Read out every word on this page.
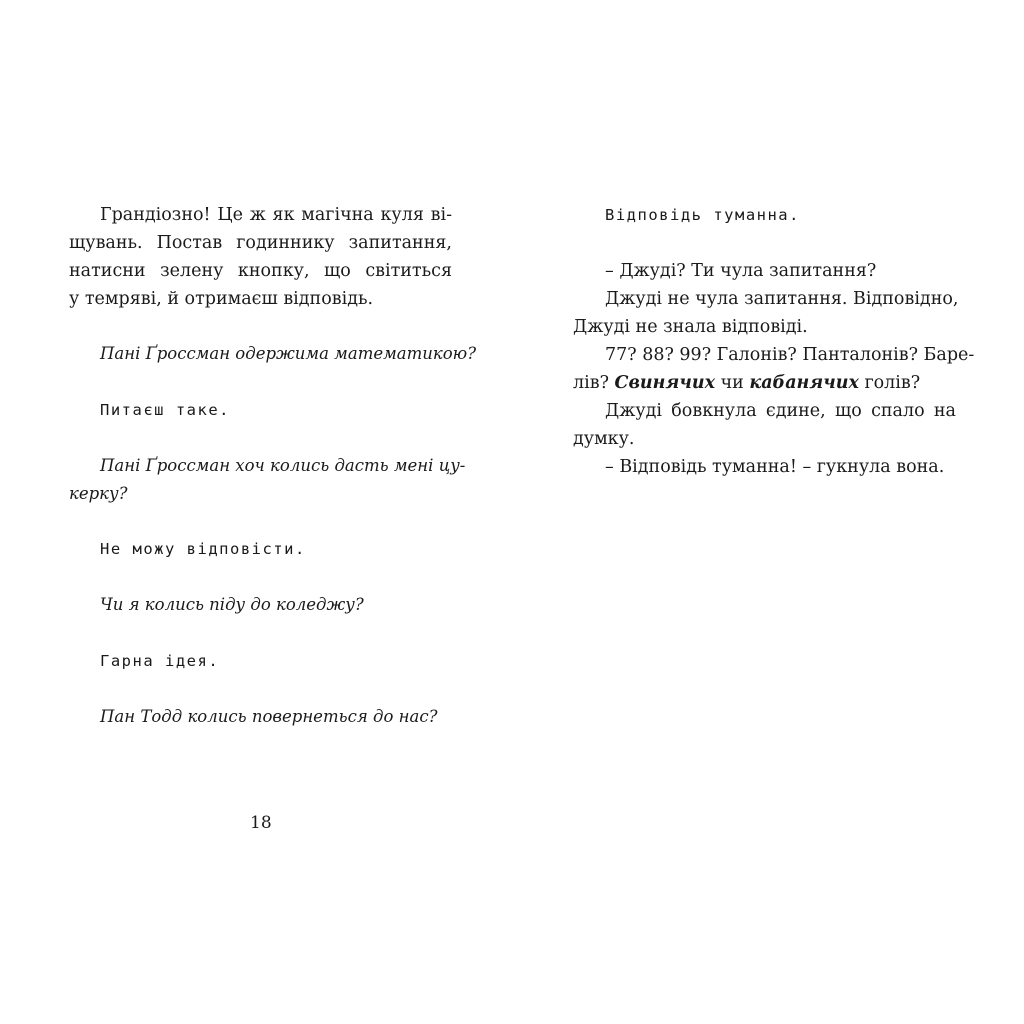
Грандіозно! Це ж як магічна куля ві-
щувань. Постав годиннику запитання,
натисни зелену кнопку, що світиться
у темряві, й отримаєш відповідь.
Пані Ґроссман одержима математикою?
Питаєш таке.
Пані Ґроссман хоч колись дасть мені цу-
керку?
Не можу відповісти.
Чи я колись піду до коледжу?
Гарна ідея.
Пан Тодд колись повернеться до нас?
18
Відповідь туманна.
– Джуді? Ти чула запитання?
Джуді не чула запитання. Відповідно,
Джуді не знала відповіді.
77? 88? 99? Галонів? Панталонів? Баре-
лів? Свинячих чи кабанячих голів?
Джуді бовкнула єдине, що спало на
думку.
– Відповідь туманна! – гукнула вона.
